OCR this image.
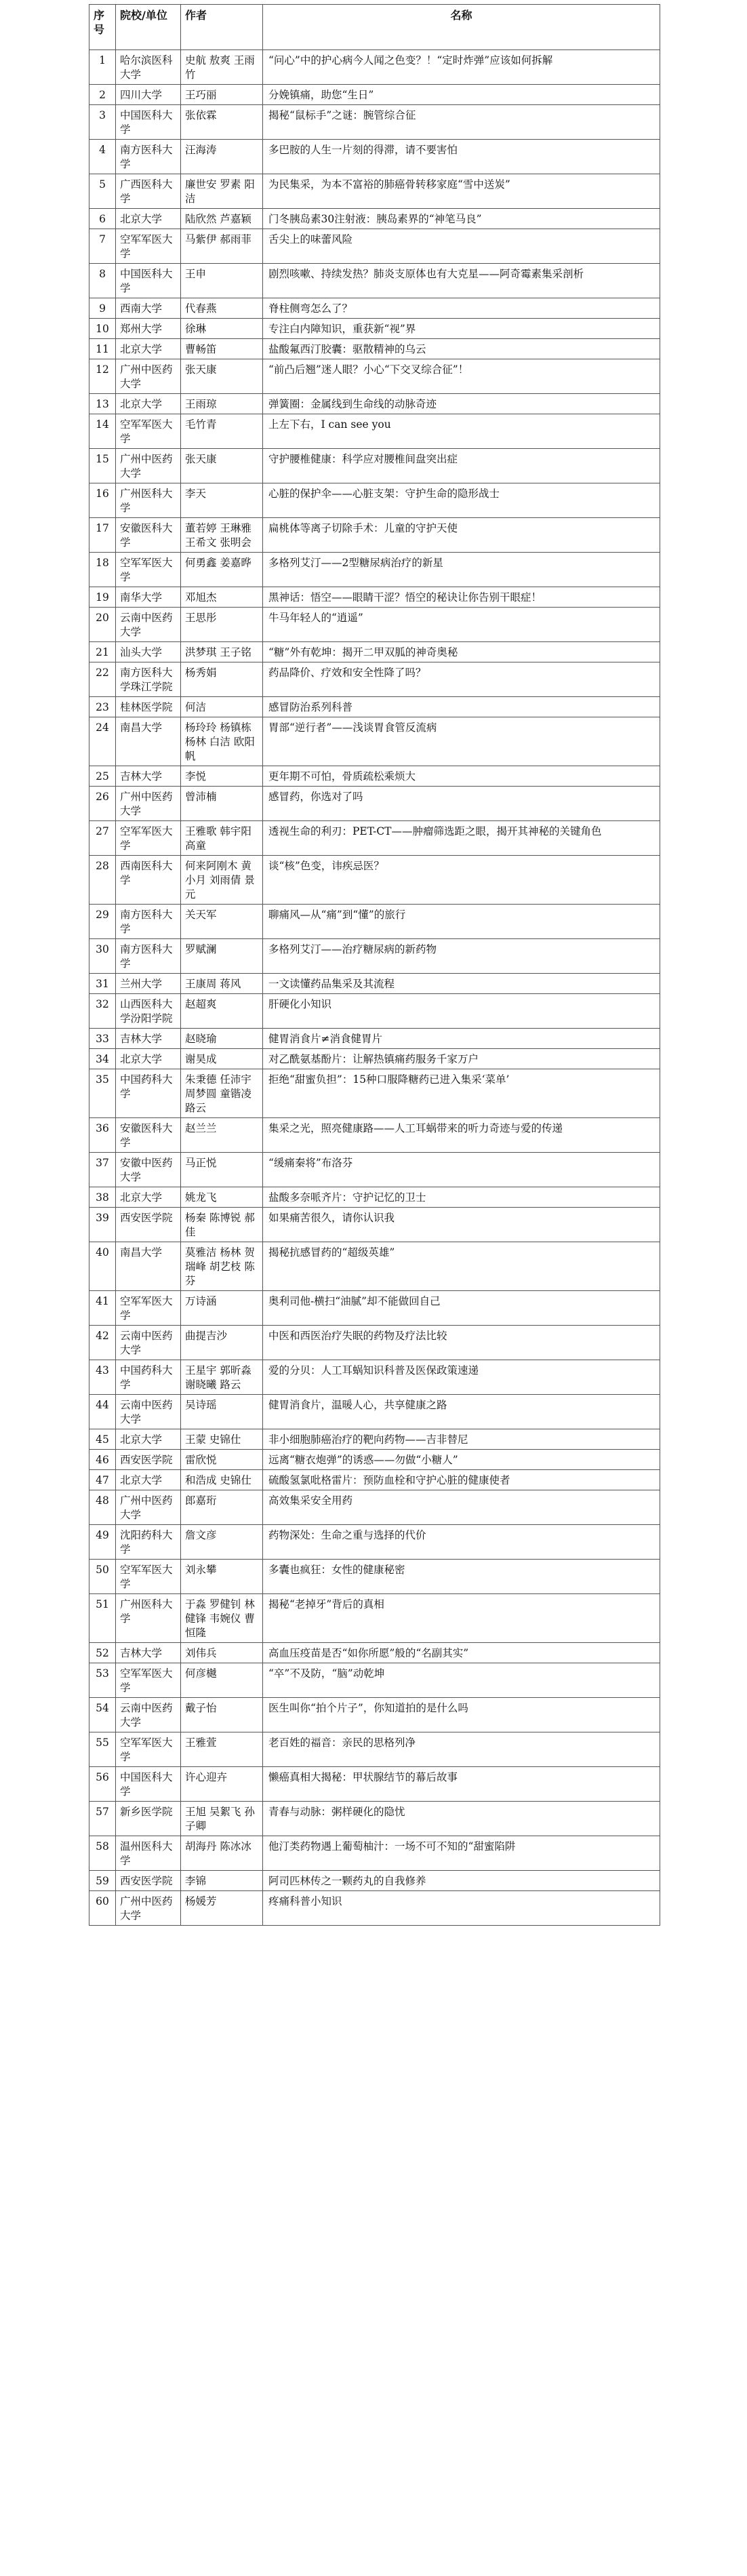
序号	院校/单位	作者	名称
1	哈尔滨医科大学	史航 敖爽 王雨竹	“问心”中的护心病今人闻之色变？！“定时炸弹”应该如何拆解
2	四川大学	王巧丽	分娩镇痛，助您“生日”
3	中国医科大学	张依霖	揭秘“鼠标手”之谜：腕管综合征
4	南方医科大学	汪海涛	多巴胺的人生一片刻的得滞，请不要害怕
5	广西医科大学	廉世安 罗素 阳洁	为民集采，为本不富裕的肺癌骨转移家庭“雪中送炭”
6	北京大学	陆欣然 芦嘉颖	门冬胰岛素30注射液：胰岛素界的“神笔马良”
7	空军军医大学	马紫伊 郝雨菲	舌尖上的味蕾风险
8	中国医科大学	王申	剧烈咳嗽、持续发热？肺炎支原体也有大克星——阿奇霉素集采剖析
9	西南大学	代春燕	脊柱侧弯怎么了？
10	郑州大学	徐琳	专注白内障知识，重获新“视”界
11	北京大学	曹畅笛	盐酸氟西汀胶囊：驱散精神的乌云
12	广州中医药大学	张天康	“前凸后翘”迷人眼？小心“下交叉综合征”！
13	北京大学	王雨琼	弹簧圈：金属线到生命线的动脉奇迹
14	空军军医大学	毛竹青	上左下右，I can see you
15	广州中医药大学	张天康	守护腰椎健康：科学应对腰椎间盘突出症
16	广州医科大学	李天	心脏的保护伞——心脏支架：守护生命的隐形战士
17	安徽医科大学	董若婷 王琳雅 王希文 张明会	扁桃体等离子切除手术：儿童的守护天使
18	空军军医大学	何勇鑫 姜嘉晔	多格列艾汀——2型糖尿病治疗的新星
19	南华大学	邓旭杰	黑神话：悟空——眼睛干涩？悟空的秘诀让你告别干眼症！
20	云南中医药大学	王思彤	牛马年轻人的“逍遥”
21	汕头大学	洪梦琪 王子铭	“糖”外有乾坤：揭开二甲双胍的神奇奥秘
22	南方医科大学珠江学院	杨秀娟	药品降价、疗效和安全性降了吗？
23	桂林医学院	何洁	感冒防治系列科普
24	南昌大学	杨玲玲 杨镇栋 杨林 白洁 欧阳帆	胃部“逆行者”——浅谈胃食管反流病
25	吉林大学	李悦	更年期不可怕，骨质疏松乘烦大
26	广州中医药大学	曾沛楠	感冒药，你选对了吗
27	空军军医大学	王雅歌 韩宇阳 高童	透视生命的利刃：PET-CT——肿瘤筛选距之眼，揭开其神秘的关键角色
28	西南医科大学	何来阿刚木 黄小月 刘雨倩 景元	谈“核”色变，讳疾忌医？
29	南方医科大学	关天军	聊痛风—从“痛”到“懂”的旅行
30	南方医科大学	罗赋澜	多格列艾汀——治疗糖尿病的新药物
31	兰州大学	王康周 蒋风	一文读懂药品集采及其流程
32	山西医科大学汾阳学院	赵超爽	肝硬化小知识
33	吉林大学	赵晓瑜	健胃消食片≠消食健胃片
34	北京大学	谢昊成	对乙酰氨基酚片：让解热镇痛药服务千家万户
35	中国药科大学	朱秉德 任沛宇 周梦圆 童锴凌 路云	拒绝“甜蜜负担”：15种口服降糖药已进入集采‘菜单’
36	安徽医科大学	赵兰兰	集采之光，照亮健康路——人工耳蜗带来的听力奇迹与爱的传递
37	安徽中医药大学	马正悦	“缓痛秦将”布洛芬
38	北京大学	姚龙飞	盐酸多奈哌齐片：守护记忆的卫士
39	西安医学院	杨秦 陈博锐 郝佳	如果痛苦很久，请你认识我
40	南昌大学	莫雅洁 杨林 贺瑞峰 胡艺枝 陈芬	揭秘抗感冒药的“超级英雄”
41	空军军医大学	万诗涵	奥利司他-横扫“油腻”却不能做回自己
42	云南中医药大学	曲提吉沙	中医和西医治疗失眠的药物及疗法比较
43	中国药科大学	王星宇 郭昕淼 谢晓曦 路云	爱的分贝：人工耳蜗知识科普及医保政策速递
44	云南中医药大学	吴诗瑶	健胃消食片，温暖人心，共享健康之路
45	北京大学	王蒙 史锦仕	非小细胞肺癌治疗的靶向药物——吉非替尼
46	西安医学院	雷欣悦	远离“糖衣炮弹”的诱惑——勿做“小糖人”
47	北京大学	和浩成 史锦仕	硫酸氢氯吡格雷片：预防血栓和守护心脏的健康使者
48	广州中医药大学	郎嘉珩	高效集采安全用药
49	沈阳药科大学	詹文彦	药物深处：生命之重与选择的代价
50	空军军医大学	刘永攀	多囊也疯狂：女性的健康秘密
51	广州医科大学	于淼 罗健钊 林健锋 韦婉仪 曹恒隆	揭秘“老掉牙”背后的真相
52	吉林大学	刘伟兵	高血压疫苗是否“如你所愿”般的“名副其实”
53	空军军医大学	何彦樾	“卒”不及防，“脑”动乾坤
54	云南中医药大学	戴子怡	医生叫你“拍个片子”，你知道拍的是什么吗
55	空军军医大学	王雅萱	老百姓的福音：亲民的思格列净
56	中国医科大学	许心迎卉	懒癌真相大揭秘：甲状腺结节的幕后故事
57	新乡医学院	王旭 吴絮飞 孙子卿	青春与动脉：粥样硬化的隐忧
58	温州医科大学	胡海丹 陈冰冰	他汀类药物遇上葡萄柚汁：一场不可不知的“甜蜜陷阱
59	西安医学院	李锦	阿司匹林传之一颗药丸的自我修养
60	广州中医药大学	杨媛芳	疼痛科普小知识
